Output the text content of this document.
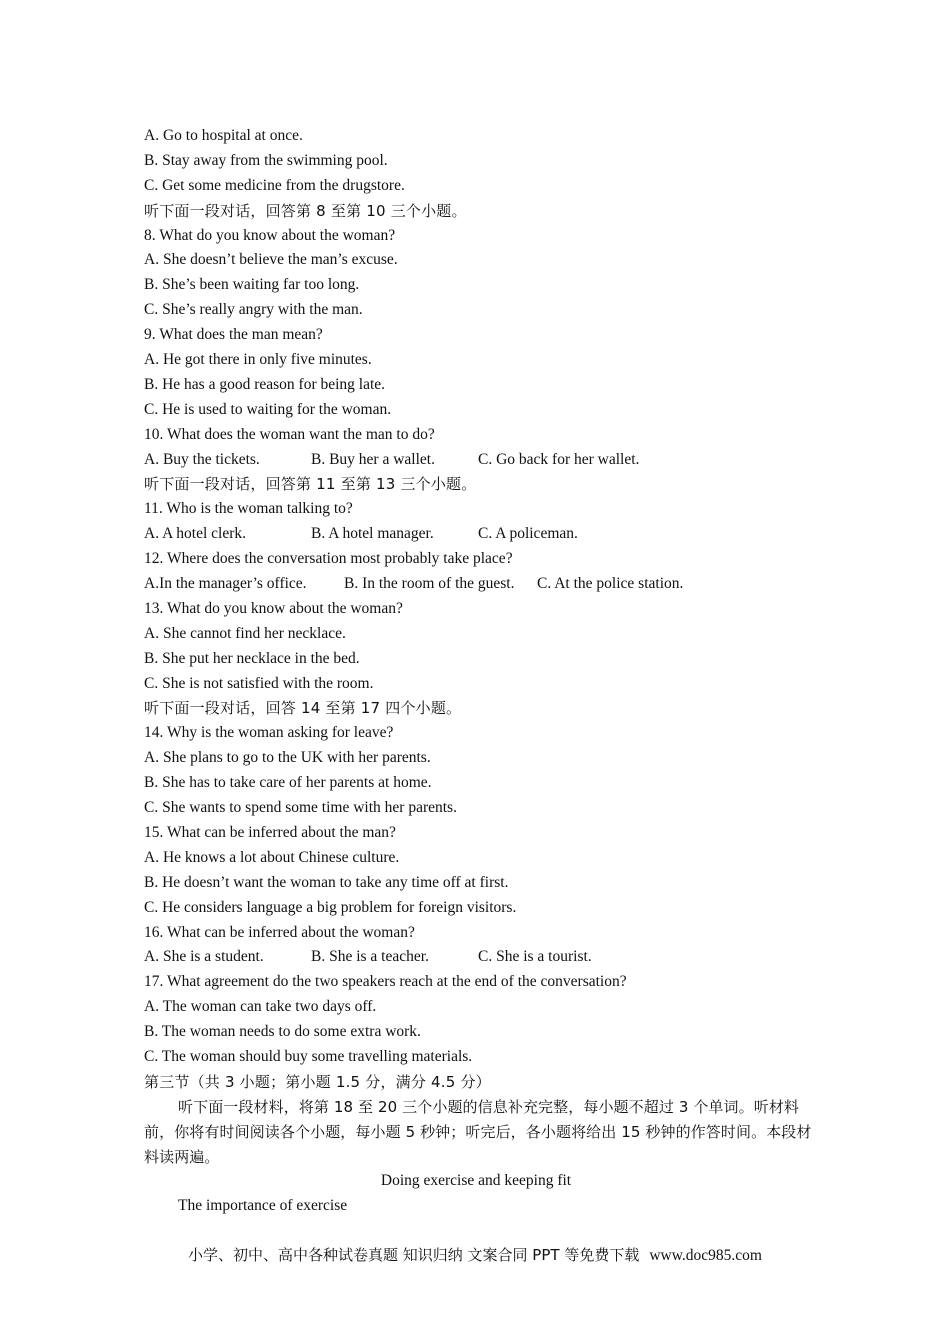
A. Go to hospital at once.
B. Stay away from the swimming pool.
C. Get some medicine from the drugstore.
听下面一段对话，回答第 8 至第 10 三个小题。
8. What do you know about the woman?
A. She doesn’t believe the man’s excuse.
B. She’s been waiting far too long.
C. She’s really angry with the man.
9. What does the man mean?
A. He got there in only five minutes.
B. He has a good reason for being late.
C. He is used to waiting for the woman.
10. What does the woman want the man to do?
A. Buy the tickets.	B. Buy her a wallet.	C. Go back for her wallet.
听下面一段对话，回答第 11 至第 13 三个小题。
11. Who is the woman talking to?
A. A hotel clerk.	B. A hotel manager.	C. A policeman.
12. Where does the conversation most probably take place?
A.In the manager’s office.	B. In the room of the guest.	C. At the police station.
13. What do you know about the woman?
A. She cannot find her necklace.
B. She put her necklace in the bed.
C. She is not satisfied with the room.
听下面一段对话，回答 14 至第 17 四个小题。
14. Why is the woman asking for leave?
A. She plans to go to the UK with her parents.
B. She has to take care of her parents at home.
C. She wants to spend some time with her parents.
15. What can be inferred about the man?
A. He knows a lot about Chinese culture.
B. He doesn’t want the woman to take any time off at first.
C. He considers language a big problem for foreign visitors.
16. What can be inferred about the woman?
A. She is a student.	B. She is a teacher.	C. She is a tourist.
17. What agreement do the two speakers reach at the end of the conversation?
A. The woman can take two days off.
B. The woman needs to do some extra work.
C. The woman should buy some travelling materials.
第三节（共 3 小题；第小题 1.5 分，满分 4.5 分）
听下面一段材料，将第 18 至 20 三个小题的信息补充完整，每小题不超过 3 个单词。听材料前，你将有时间阅读各个小题，每小题 5 秒钟；听完后，各小题将给出 15 秒钟的作答时间。本段材料读两遍。
Doing exercise and keeping fit
The importance of exercise
小学、初中、高中各种试卷真题 知识归纳 文案合同 PPT 等免费下载 www.doc985.com
